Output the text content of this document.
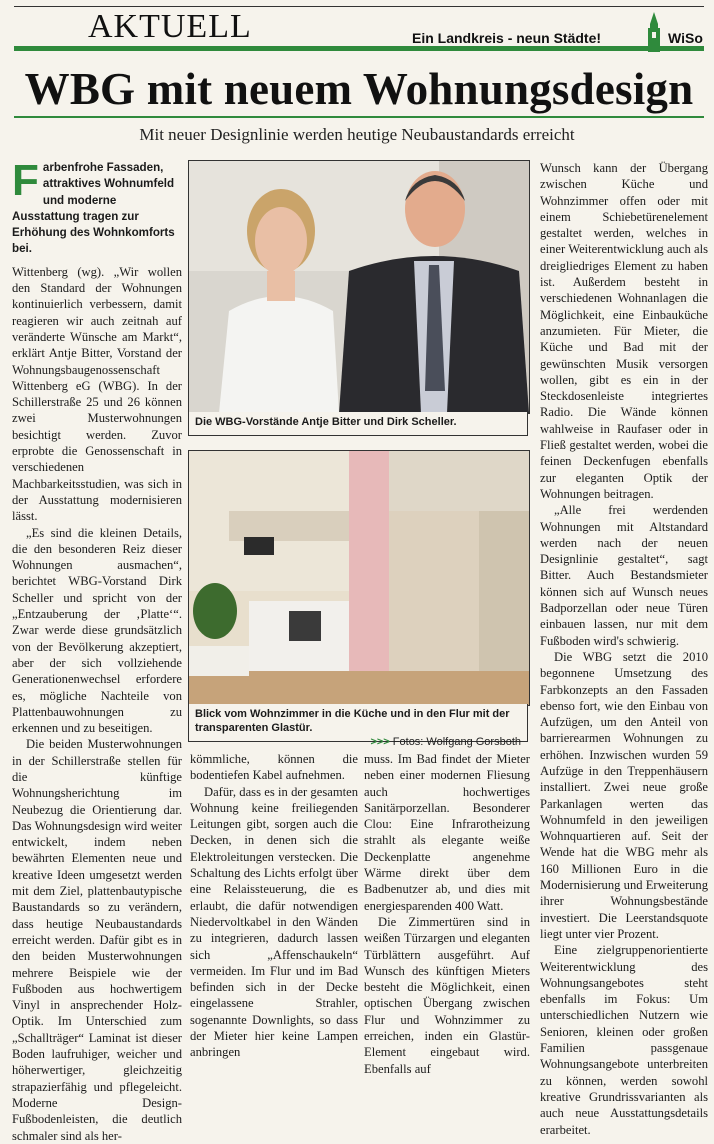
AKTUELL	Ein Landkreis - neun Städte!	WiSo
WBG mit neuem Wohnungsdesign
Mit neuer Designlinie werden heutige Neubaustandards erreicht
Farbenfrohe Fassaden, attraktives Wohnumfeld und moderne Ausstattung tragen zur Erhöhung des Wohnkomforts bei.

Wittenberg (wg). „Wir wollen den Standard der Wohnungen kontinuierlich verbessern, damit reagieren wir auch zeitnah auf veränderte Wünsche am Markt“, erklärt Antje Bitter, Vorstand der Wohnungsbaugenossenschaft Wittenberg eG (WBG). In der Schillerstraße 25 und 26 können zwei Musterwohnungen besichtigt werden. Zuvor erprobte die Genossenschaft in verschiedenen Machbarkeitsstudien, was sich in der Ausstattung modernisieren lässt.

„Es sind die kleinen Details, die den besonderen Reiz dieser Wohnungen ausmachen“, berichtet WBG-Vorstand Dirk Scheller und spricht von der „Entzauberung der ‚Platte‘“. Zwar werde diese grundsätzlich von der Bevölkerung akzeptiert, aber der sich vollziehende Generationenwechsel erfordere es, mögliche Nachteile von Plattenbauwohnungen zu erkennen und zu beseitigen.

Die beiden Musterwohnungen in der Schillerstraße stellen für die künftige Wohnungsherichtung im Neubezug die Orientierung dar. Das Wohnungsdesign wird weiter entwickelt, indem neben bewährten Elementen neue und kreative Ideen umgesetzt werden mit dem Ziel, plattenbautypische Baustandards so zu verändern, dass heutige Neubaustandards erreicht werden. Dafür gibt es in den beiden Musterwohnungen mehrere Beispiele wie der Fußboden aus hochwertigem Vinyl in ansprechender Holz-Optik. Im Unterschied zum „Schallträger“ Laminat ist dieser Boden laufruhiger, weicher und höherwertiger, gleichzeitig strapazierfähig und pflegeleicht. Moderne Design-Fußbodenleisten, die deutlich schmaler sind als her-

Die WBG-Vorstände Antje Bitter und Dirk Scheller.
Blick vom Wohnzimmer in die Küche und in den Flur mit der transparenten Glastür.
>>> Fotos: Wolfgang Gorsboth

kömmliche, können die bodentiefen Kabel aufnehmen.

Dafür, dass es in der gesamten Wohnung keine freiliegenden Leitungen gibt, sorgen auch die Decken, in denen sich die Elektroleitungen verstecken. Die Schaltung des Lichts erfolgt über eine Relaissteuerung, die es erlaubt, die dafür notwendigen Niedervoltkabel in den Wänden zu integrieren, dadurch lassen sich „Affenschaukeln“ vermeiden. Im Flur und im Bad befinden sich in der Decke eingelassene Strahler, sogenannte Downlights, so dass der Mieter hier keine Lampen anbringen

muss. Im Bad findet der Mieter neben einer modernen Fliesung auch hochwertiges Sanitärporzellan. Besonderer Clou: Eine Infrarotheizung strahlt als elegante weiße Deckenplatte angenehme Wärme direkt über dem Badbenutzer ab, und dies mit energiesparenden 400 Watt.

Die Zimmertüren sind in weißen Türzargen und eleganten Türblättern ausgeführt. Auf Wunsch des künftigen Mieters besteht die Möglichkeit, einen optischen Übergang zwischen Flur und Wohnzimmer zu erreichen, inden ein Glastür-Element eingebaut wird. Ebenfalls auf

Wunsch kann der Übergang zwischen Küche und Wohnzimmer offen oder mit einem Schiebetürenelement gestaltet werden, welches in einer Weiterentwicklung auch als dreigliedriges Element zu haben ist. Außerdem besteht in verschiedenen Wohnanlagen die Möglichkeit, eine Einbauküche anzumieten. Für Mieter, die Küche und Bad mit der gewünschten Musik versorgen wollen, gibt es ein in der Steckdosenleiste integriertes Radio. Die Wände können wahlweise in Raufaser oder in Fließ gestaltet werden, wobei die feinen Deckenfugen ebenfalls zur eleganten Optik der Wohnungen beitragen.

„Alle frei werdenden Wohnungen mit Altstandard werden nach der neuen Designlinie gestaltet“, sagt Bitter. Auch Bestandsmieter können sich auf Wunsch neues Badporzellan oder neue Türen einbauen lassen, nur mit dem Fußboden wird's schwierig.

Die WBG setzt die 2010 begonnene Umsetzung des Farbkonzepts an den Fassaden ebenso fort, wie den Einbau von Aufzügen, um den Anteil von barrierearmen Wohnungen zu erhöhen. Inzwischen wurden 59 Aufzüge in den Treppenhäusern installiert. Zwei neue große Parkanlagen werten das Wohnumfeld in den jeweiligen Wohnquartieren auf. Seit der Wende hat die WBG mehr als 160 Millionen Euro in die Modernisierung und Erweiterung ihrer Wohnungsbestände investiert. Die Leerstandsquote liegt unter vier Prozent.

Eine zielgruppenorientierte Weiterentwicklung des Wohnungsangebotes steht ebenfalls im Fokus: Um unterschiedlichen Nutzern wie Senioren, kleinen oder großen Familien passgenaue Wohnungsangebote unterbreiten zu können, werden sowohl kreative Grundrissvarianten als auch neue Ausstattungsdetails erarbeitet.
